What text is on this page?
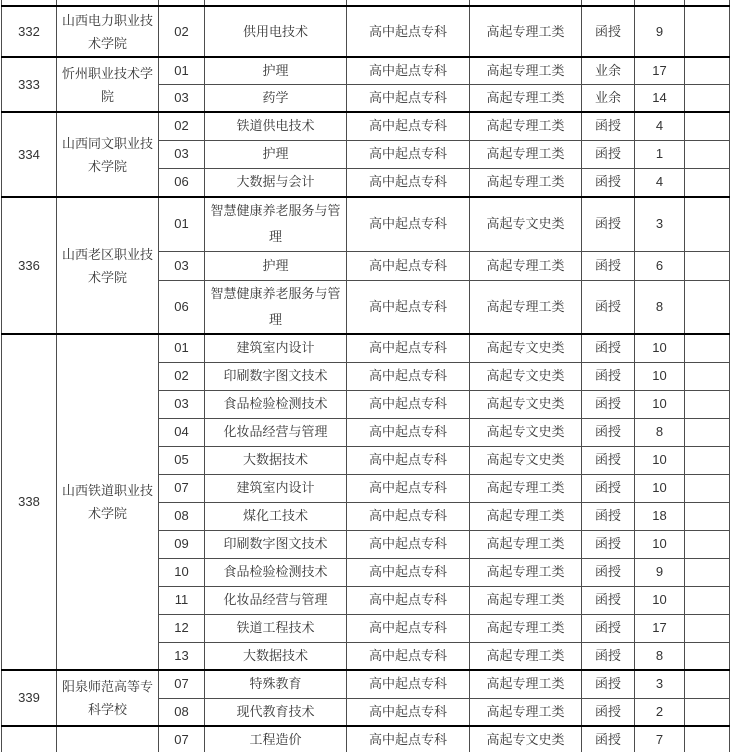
332	山西电力职业技术学院	02	供用电技术	高中起点专科	高起专理工类	函授	9	
333	忻州职业技术学院	01	护理	高中起点专科	高起专理工类	业余	17	
		03	药学	高中起点专科	高起专理工类	业余	14	
334	山西同文职业技术学院	02	铁道供电技术	高中起点专科	高起专理工类	函授	4	
		03	护理	高中起点专科	高起专理工类	函授	1	
		06	大数据与会计	高中起点专科	高起专理工类	函授	4	
336	山西老区职业技术学院	01	智慧健康养老服务与管理	高中起点专科	高起专文史类	函授	3	
		03	护理	高中起点专科	高起专理工类	函授	6	
		06	智慧健康养老服务与管理	高中起点专科	高起专理工类	函授	8	
338	山西铁道职业技术学院	01	建筑室内设计	高中起点专科	高起专文史类	函授	10	
		02	印刷数字图文技术	高中起点专科	高起专文史类	函授	10	
		03	食品检验检测技术	高中起点专科	高起专文史类	函授	10	
		04	化妆品经营与管理	高中起点专科	高起专文史类	函授	8	
		05	大数据技术	高中起点专科	高起专文史类	函授	10	
		07	建筑室内设计	高中起点专科	高起专理工类	函授	10	
		08	煤化工技术	高中起点专科	高起专理工类	函授	18	
		09	印刷数字图文技术	高中起点专科	高起专理工类	函授	10	
		10	食品检验检测技术	高中起点专科	高起专理工类	函授	9	
		11	化妆品经营与管理	高中起点专科	高起专理工类	函授	10	
		12	铁道工程技术	高中起点专科	高起专理工类	函授	17	
		13	大数据技术	高中起点专科	高起专理工类	函授	8	
339	阳泉师范高等专科学校	07	特殊教育	高中起点专科	高起专理工类	函授	3	
		08	现代教育技术	高中起点专科	高起专理工类	函授	2	
		07	工程造价	高中起点专科	高起专文史类	函授	7	
